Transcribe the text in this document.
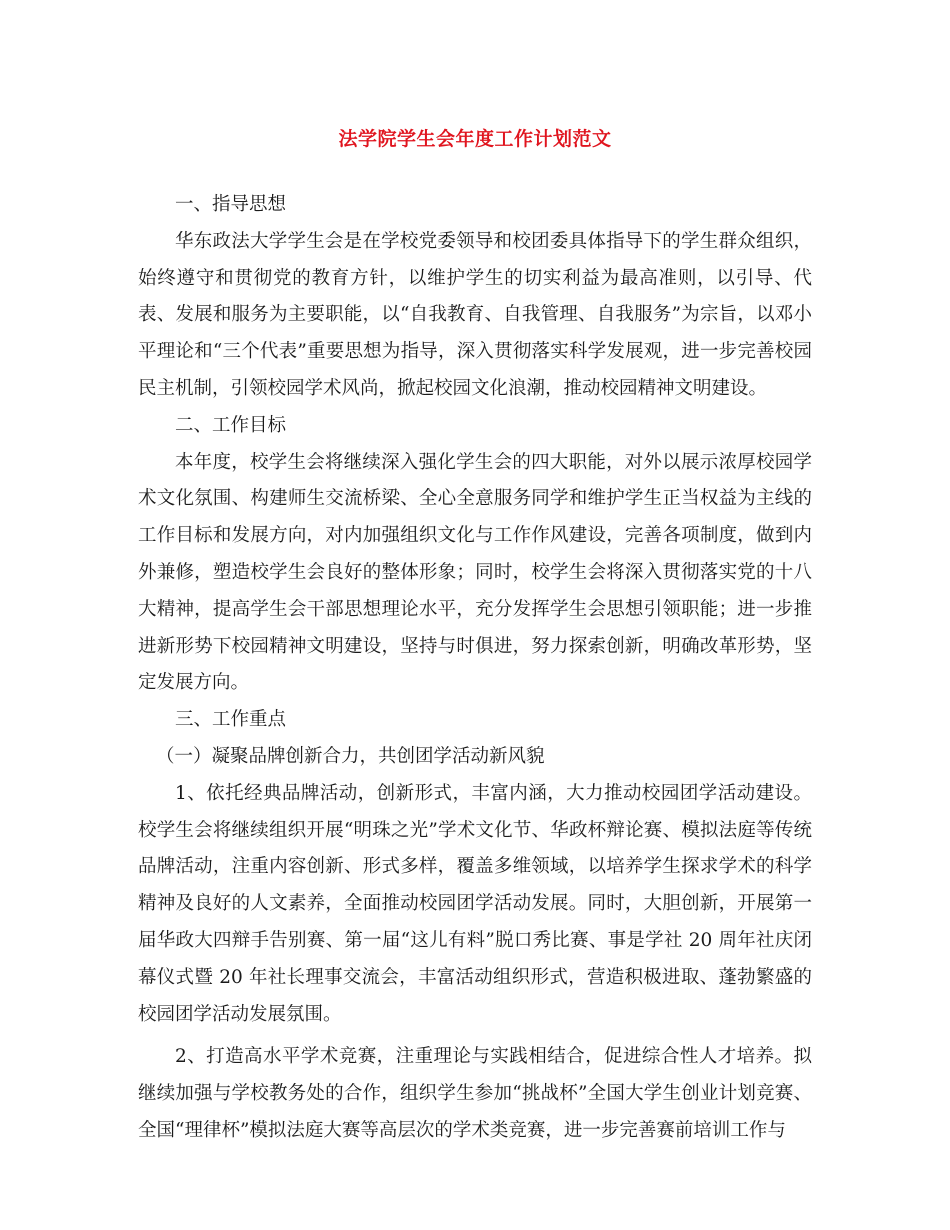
法学院学生会年度工作计划范文

一、指导思想

华东政法大学学生会是在学校党委领导和校团委具体指导下的学生群众组织，始终遵守和贯彻党的教育方针，以维护学生的切实利益为最高准则，以引导、代表、发展和服务为主要职能，以“自我教育、自我管理、自我服务”为宗旨，以邓小平理论和“三个代表”重要思想为指导，深入贯彻落实科学发展观，进一步完善校园民主机制，引领校园学术风尚，掀起校园文化浪潮，推动校园精神文明建设。

二、工作目标

本年度，校学生会将继续深入强化学生会的四大职能，对外以展示浓厚校园学术文化氛围、构建师生交流桥梁、全心全意服务同学和维护学生正当权益为主线的工作目标和发展方向，对内加强组织文化与工作作风建设，完善各项制度，做到内外兼修，塑造校学生会良好的整体形象；同时，校学生会将深入贯彻落实党的十八大精神，提高学生会干部思想理论水平，充分发挥学生会思想引领职能；进一步推进新形势下校园精神文明建设，坚持与时俱进，努力探索创新，明确改革形势，坚定发展方向。

三、工作重点

（一）凝聚品牌创新合力，共创团学活动新风貌

1、依托经典品牌活动，创新形式，丰富内涵，大力推动校园团学活动建设。校学生会将继续组织开展“明珠之光”学术文化节、华政杯辩论赛、模拟法庭等传统品牌活动，注重内容创新、形式多样，覆盖多维领域，以培养学生探求学术的科学精神及良好的人文素养，全面推动校园团学活动发展。同时，大胆创新，开展第一届华政大四辩手告别赛、第一届“这儿有料”脱口秀比赛、事是学社 20 周年社庆闭幕仪式暨 20 年社长理事交流会，丰富活动组织形式，营造积极进取、蓬勃繁盛的校园团学活动发展氛围。

2、打造高水平学术竞赛，注重理论与实践相结合，促进综合性人才培养。拟继续加强与学校教务处的合作，组织学生参加“挑战杯”全国大学生创业计划竞赛、全国“理律杯”模拟法庭大赛等高层次的学术类竞赛，进一步完善赛前培训工作与
